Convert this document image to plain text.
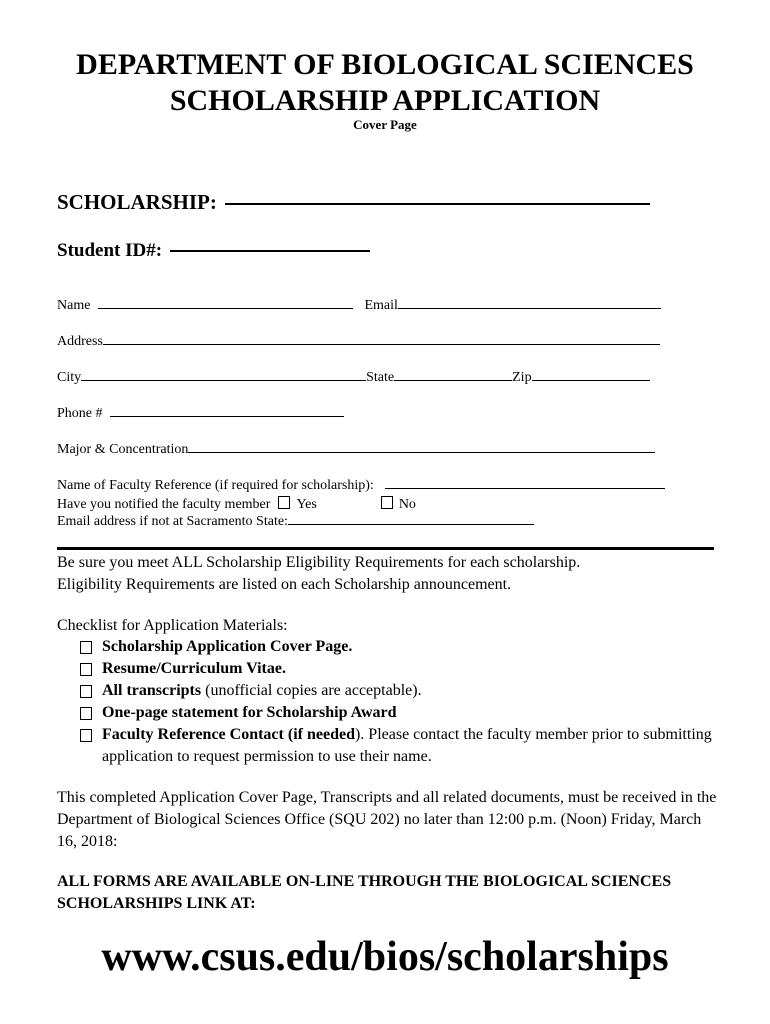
DEPARTMENT OF BIOLOGICAL SCIENCES
SCHOLARSHIP APPLICATION
Cover Page
SCHOLARSHIP:
Student ID#:
Name	Email
Address
City	State	Zip
Phone #
Major & Concentration
Name of Faculty Reference (if required for scholarship):
Have you notified the faculty member Yes	No
Email address if not at Sacramento State:

Be sure you meet ALL Scholarship Eligibility Requirements for each scholarship.
Eligibility Requirements are listed on each Scholarship announcement.

Checklist for Application Materials:

Scholarship Application Cover Page.
Resume/Curriculum Vitae.
All transcripts (unofficial copies are acceptable).
One-page statement for Scholarship Award
Faculty Reference Contact (if needed). Please contact the faculty member prior to submitting application to request permission to use their name.

This completed Application Cover Page, Transcripts and all related documents, must be received in the Department of Biological Sciences Office (SQU 202) no later than 12:00 p.m. (Noon) Friday, March 16, 2018:

ALL FORMS ARE AVAILABLE ON-LINE THROUGH THE BIOLOGICAL SCIENCES SCHOLARSHIPS LINK AT:

www.csus.edu/bios/scholarships
